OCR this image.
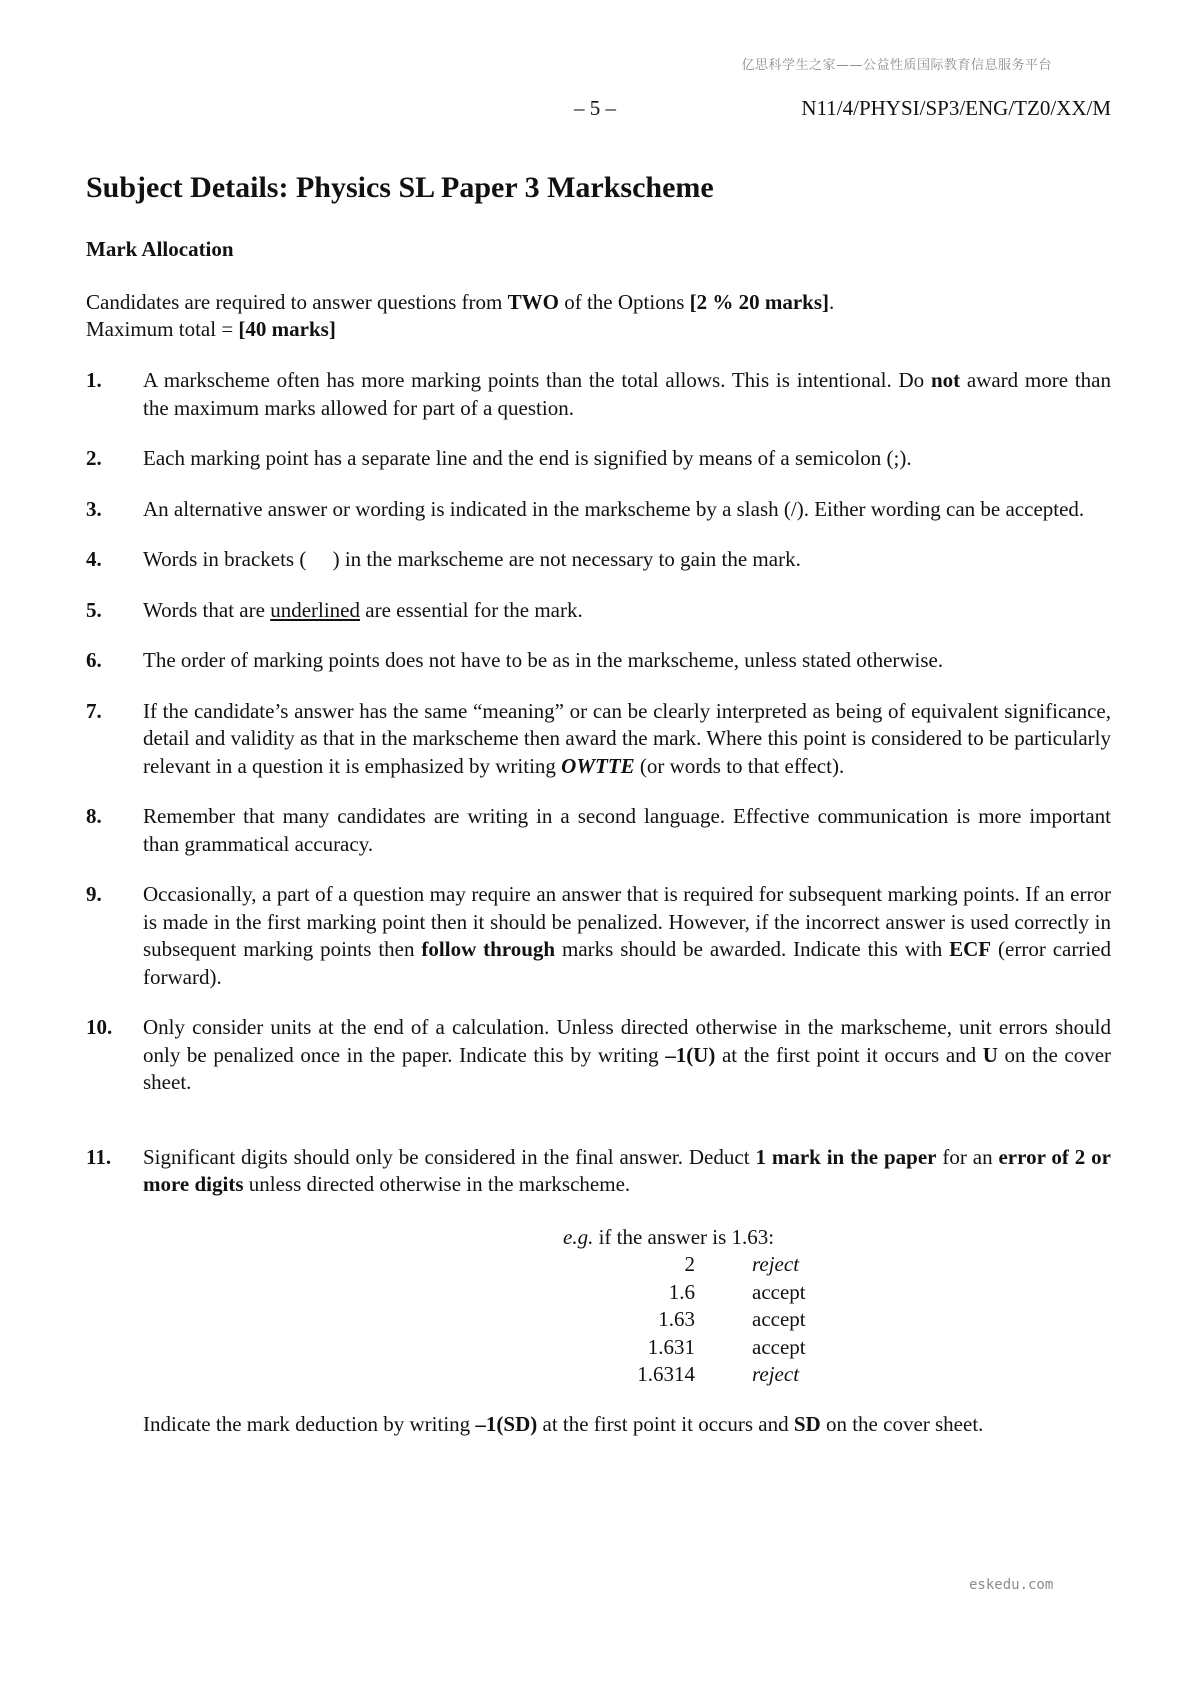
亿思科学生之家——公益性质国际教育信息服务平台
– 5 –	N11/4/PHYSI/SP3/ENG/TZ0/XX/M
Subject Details: Physics SL Paper 3 Markscheme
Mark Allocation

Candidates are required to answer questions from TWO of the Options [2 % 20 marks].

Maximum total = [40 marks]

1.	A markscheme often has more marking points than the total allows. This is intentional. Do not award more than the maximum marks allowed for part of a question.
2.	Each marking point has a separate line and the end is signified by means of a semicolon (;).
3.	An alternative answer or wording is indicated in the markscheme by a slash (/). Either wording can be accepted.
4.	Words in brackets (     ) in the markscheme are not necessary to gain the mark.
5.	Words that are underlined are essential for the mark.
6.	The order of marking points does not have to be as in the markscheme, unless stated otherwise.
7.	If the candidate’s answer has the same “meaning” or can be clearly interpreted as being of equivalent significance, detail and validity as that in the markscheme then award the mark. Where this point is considered to be particularly relevant in a question it is emphasized by writing OWTTE (or words to that effect).
8.	Remember that many candidates are writing in a second language. Effective communication is more important than grammatical accuracy.
9.	Occasionally, a part of a question may require an answer that is required for subsequent marking points. If an error is made in the first marking point then it should be penalized. However, if the incorrect answer is used correctly in subsequent marking points then follow through marks should be awarded. Indicate this with ECF (error carried forward).
10.	Only consider units at the end of a calculation. Unless directed otherwise in the markscheme, unit errors should only be penalized once in the paper. Indicate this by writing –1(U) at the first point it occurs and U on the cover sheet.
11.	Significant digits should only be considered in the final answer. Deduct 1 mark in the paper for an error of 2 or more digits unless directed otherwise in the markscheme.

e.g. if the answer is 1.63:

2	reject
1.6	accept
1.63	accept
1.631	accept
1.6314	reject
Indicate the mark deduction by writing –1(SD) at the first point it occurs and SD on the cover sheet.
eskedu.com
